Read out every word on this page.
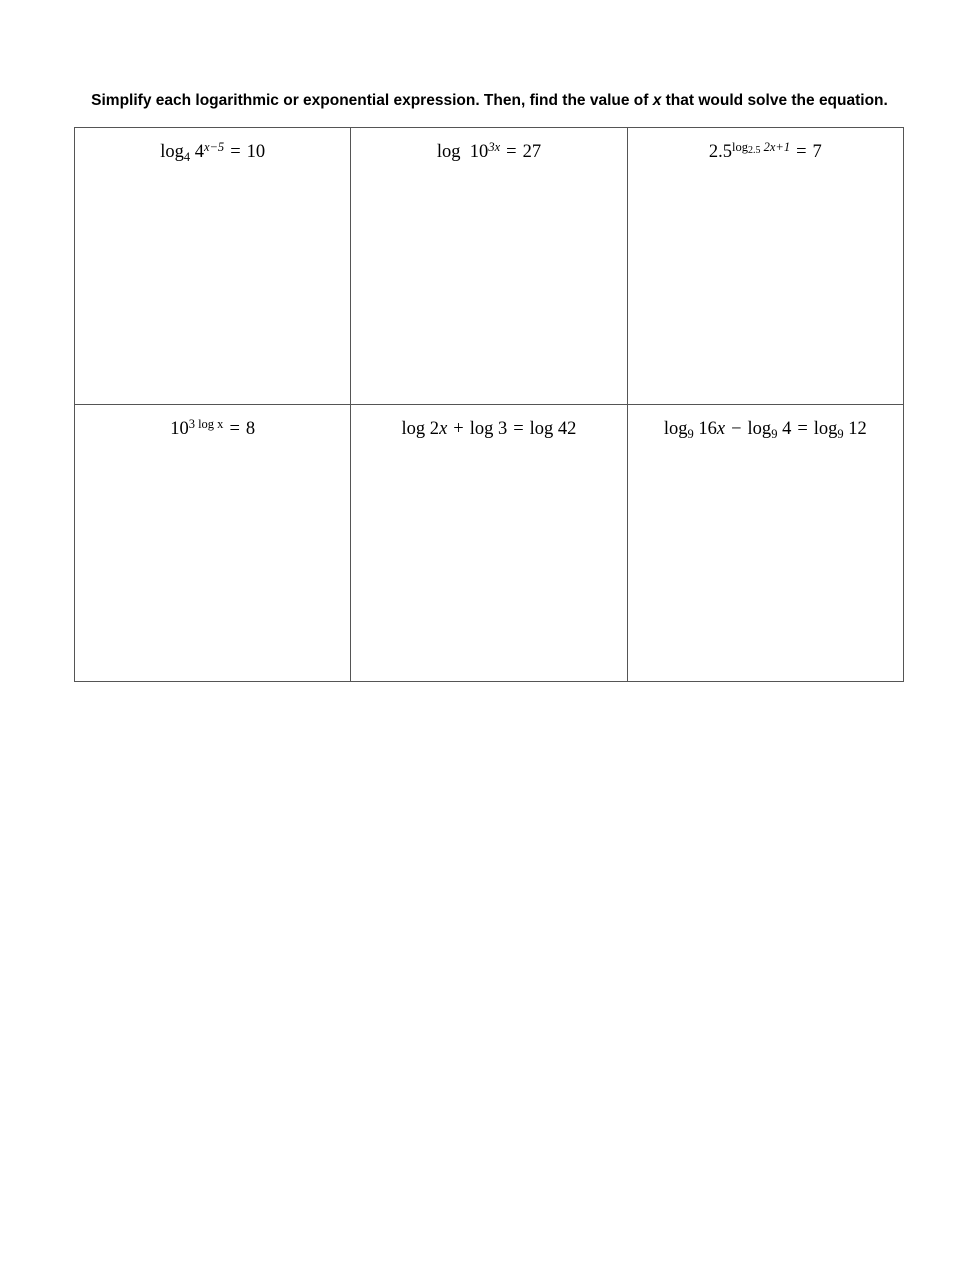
Simplify each logarithmic or exponential expression. Then, find the value of x that would solve the equation.
$\log_4 4^{x-5} = 10$	$\log 10^{3x} = 27$	$2.5^{log_{2.5} 2x+1} = 7$

$10^{3 log x} = 8$	log 2x + log 3 = log 42	$\log_9 16x - \log_9 4 = \log_9 12$
